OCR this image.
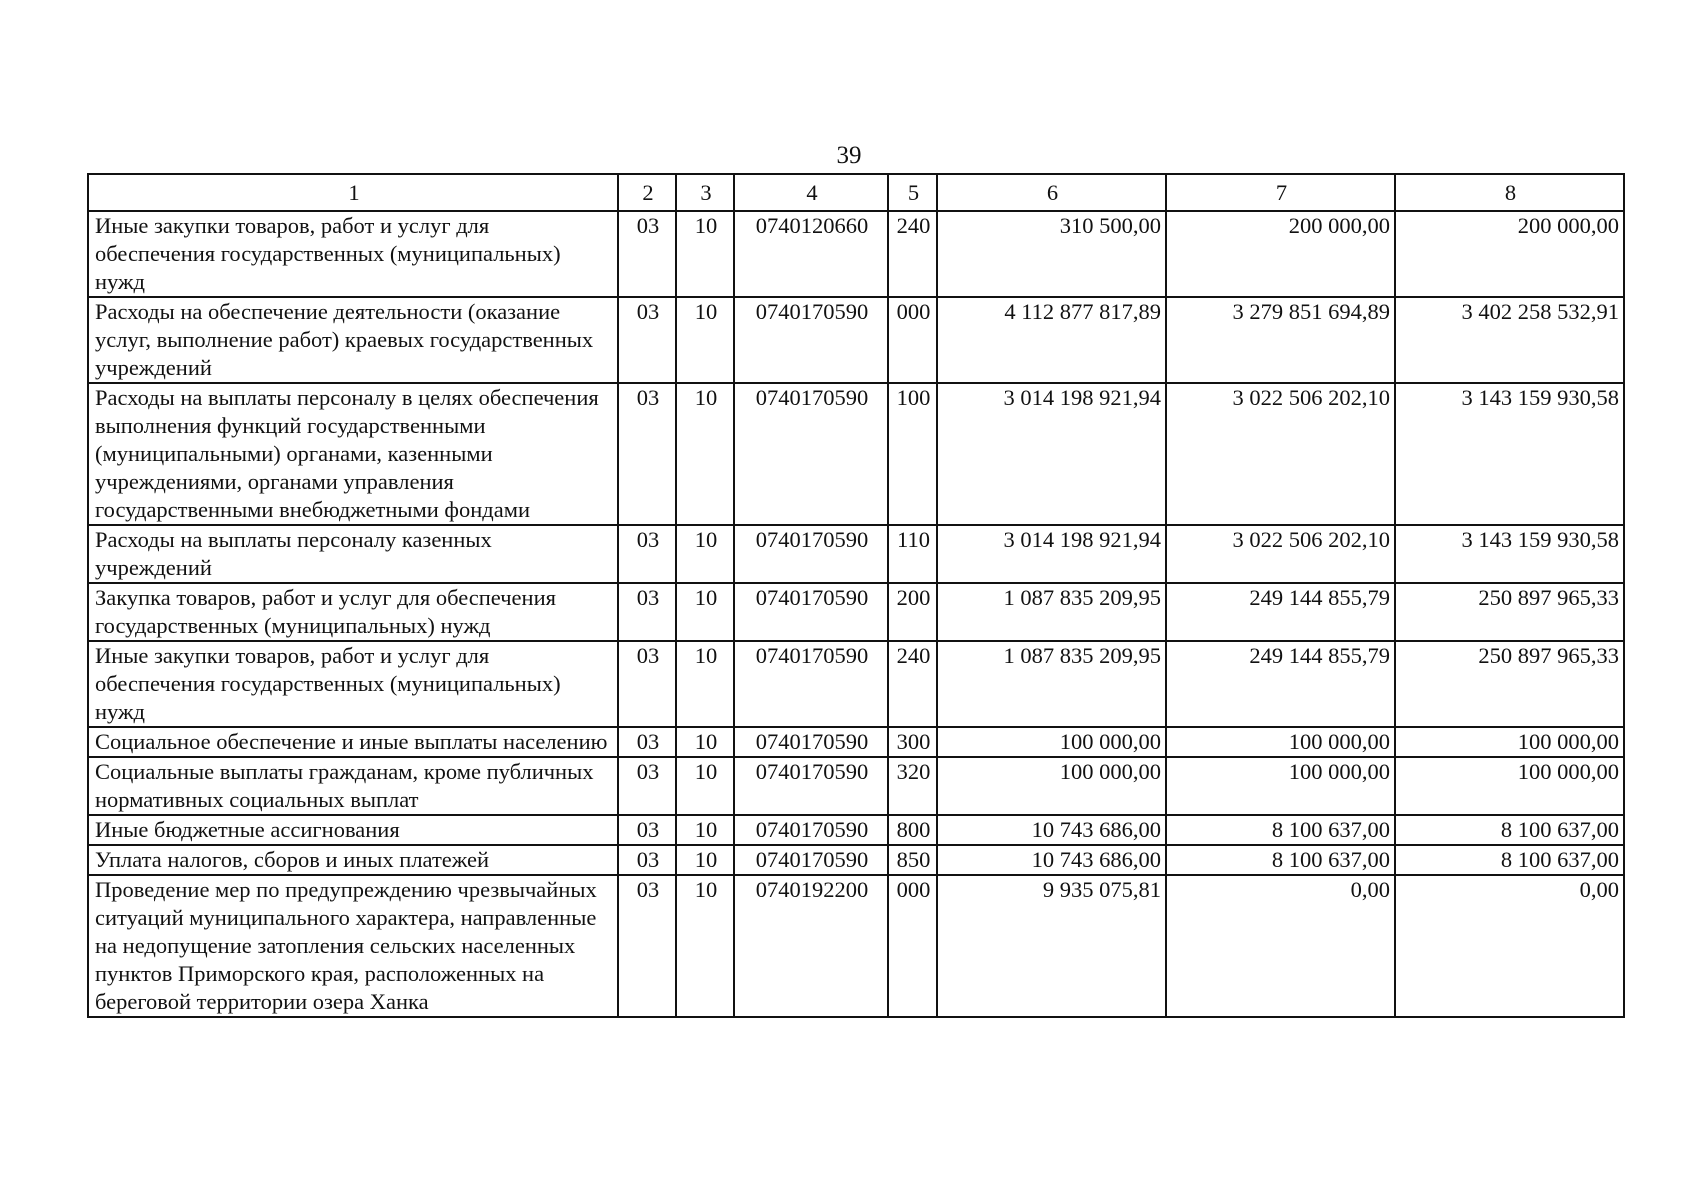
39
1	2	3	4	5	6	7	8
Иные закупки товаров, работ и услуг для обеспечения государственных (муниципальных) нужд	03	10	0740120660	240	310 500,00	200 000,00	200 000,00
Расходы на обеспечение деятельности (оказание услуг, выполнение работ) краевых государственных учреждений	03	10	0740170590	000	4 112 877 817,89	3 279 851 694,89	3 402 258 532,91
Расходы на выплаты персоналу в целях обеспечения выполнения функций государственными (муниципальными) органами, казенными учреждениями, органами управления государственными внебюджетными фондами	03	10	0740170590	100	3 014 198 921,94	3 022 506 202,10	3 143 159 930,58
Расходы на выплаты персоналу казенных учреждений	03	10	0740170590	110	3 014 198 921,94	3 022 506 202,10	3 143 159 930,58
Закупка товаров, работ и услуг для обеспечения государственных (муниципальных) нужд	03	10	0740170590	200	1 087 835 209,95	249 144 855,79	250 897 965,33
Иные закупки товаров, работ и услуг для обеспечения государственных (муниципальных) нужд	03	10	0740170590	240	1 087 835 209,95	249 144 855,79	250 897 965,33
Социальное обеспечение и иные выплаты населению	03	10	0740170590	300	100 000,00	100 000,00	100 000,00
Социальные выплаты гражданам, кроме публичных нормативных социальных выплат	03	10	0740170590	320	100 000,00	100 000,00	100 000,00
Иные бюджетные ассигнования	03	10	0740170590	800	10 743 686,00	8 100 637,00	8 100 637,00
Уплата налогов, сборов и иных платежей	03	10	0740170590	850	10 743 686,00	8 100 637,00	8 100 637,00
Проведение мер по предупреждению чрезвычайных ситуаций муниципального характера, направленные на недопущение затопления сельских населенных пунктов Приморского края, расположенных на береговой территории озера Ханка	03	10	0740192200	000	9 935 075,81	0,00	0,00
